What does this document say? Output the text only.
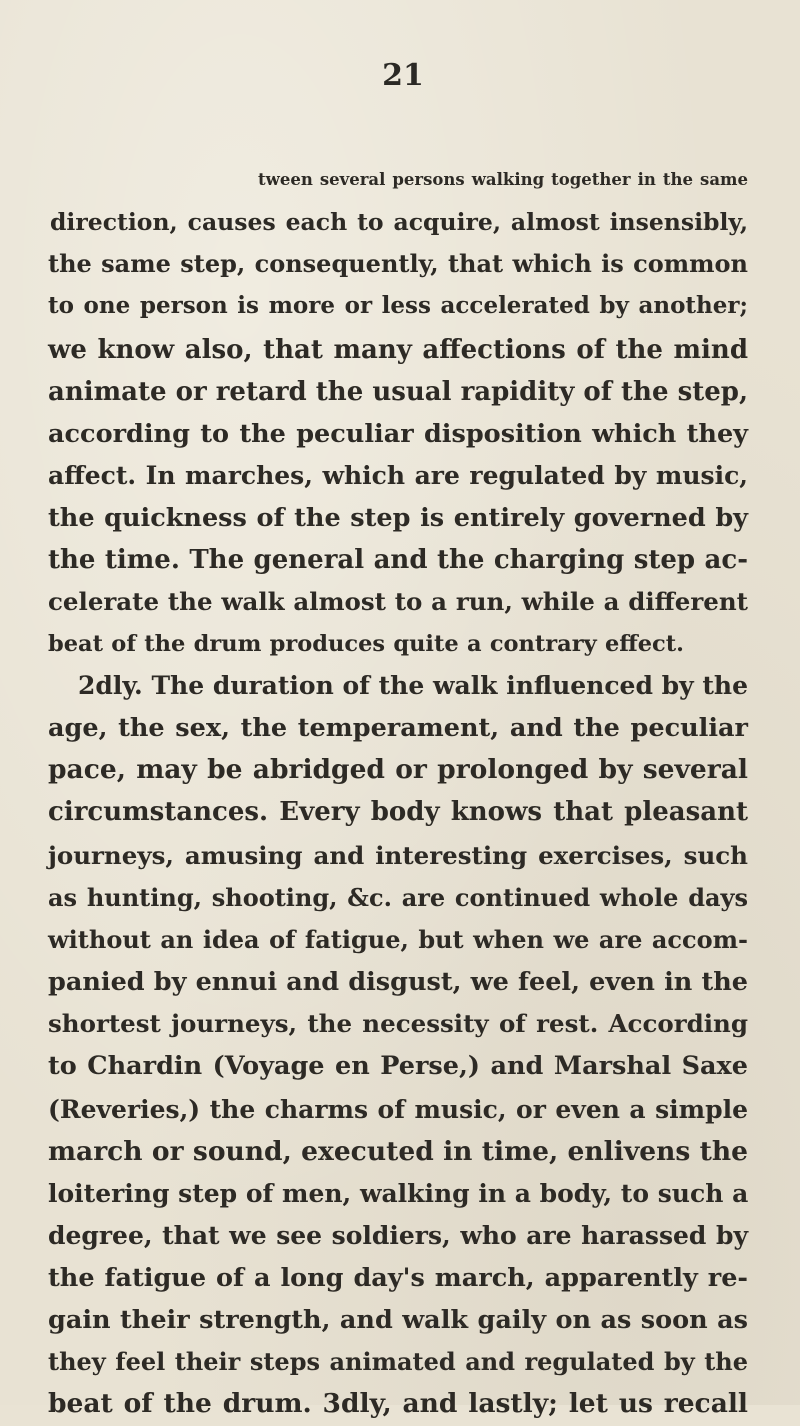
21
tween several persons walking together in the same
direction, causes each to acquire, almost insensibly,
the same step, consequently, that which is common
to one person is more or less accelerated by another;
we know also, that many affections of the mind
animate or retard the usual rapidity of the step,
according to the peculiar disposition which they
affect. In marches, which are regulated by music,
the quickness of the step is entirely governed by
the time. The general and the charging step ac-
celerate the walk almost to a run, while a different
beat of the drum produces quite a contrary effect.
2dly. The duration of the walk influenced by the
age, the sex, the temperament, and the peculiar
pace, may be abridged or prolonged by several
circumstances. Every body knows that pleasant
journeys, amusing and interesting exercises, such
as hunting, shooting, &c. are continued whole days
without an idea of fatigue, but when we are accom-
panied by ennui and disgust, we feel, even in the
shortest journeys, the necessity of rest. According
to Chardin (Voyage en Perse,) and Marshal Saxe
(Reveries,) the charms of music, or even a simple
march or sound, executed in time, enlivens the
loitering step of men, walking in a body, to such a
degree, that we see soldiers, who are harassed by
the fatigue of a long day's march, apparently re-
gain their strength, and walk gaily on as soon as
they feel their steps animated and regulated by the
beat of the drum. 3dly, and lastly; let us recall
